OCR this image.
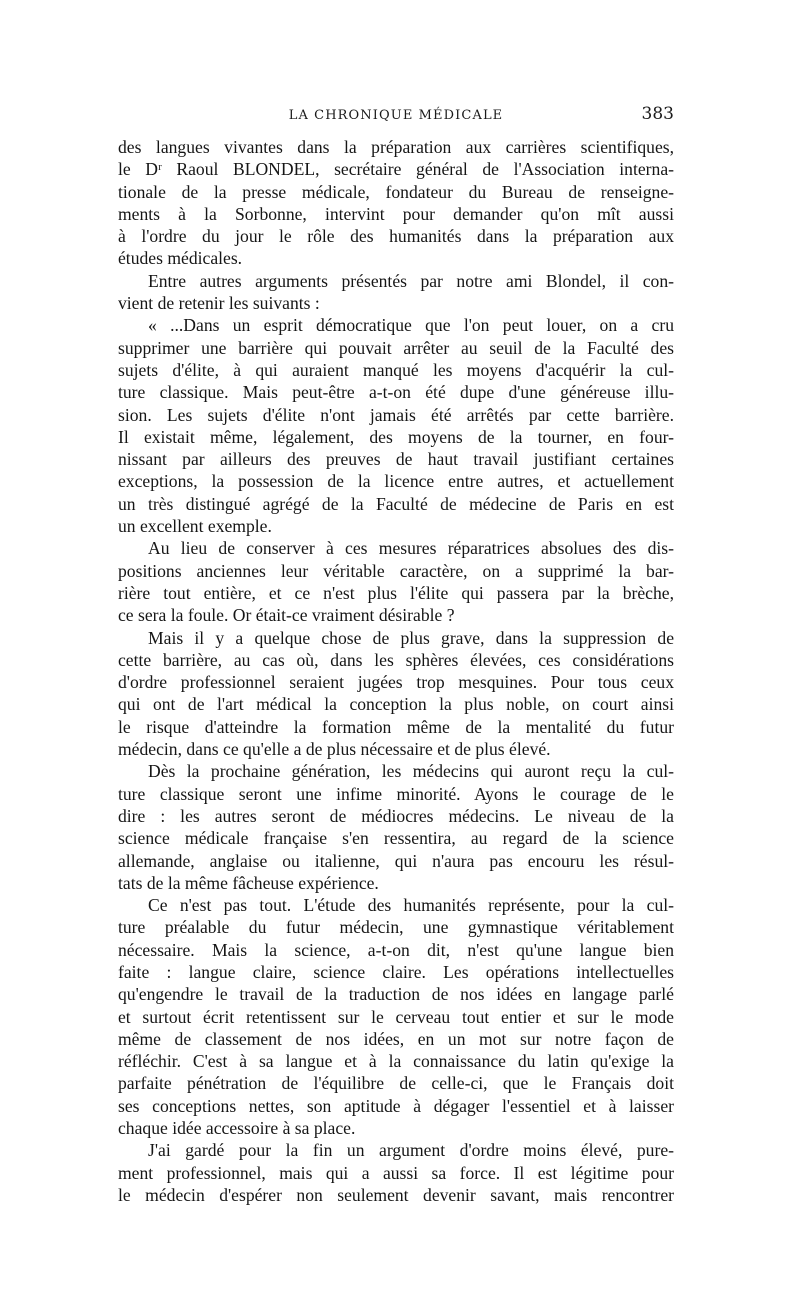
LA CHRONIQUE MÉDICALE	383
des langues vivantes dans la préparation aux carrières scientifiques,
le Dʳ Raoul BLONDEL, secrétaire général de l'Association interna-
tionale de la presse médicale, fondateur du Bureau de renseigne-
ments à la Sorbonne, intervint pour demander qu'on mît aussi
à l'ordre du jour le rôle des humanités dans la préparation aux
études médicales.
Entre autres arguments présentés par notre ami Blondel, il con-
vient de retenir les suivants :
« ...Dans un esprit démocratique que l'on peut louer, on a cru
supprimer une barrière qui pouvait arrêter au seuil de la Faculté des
sujets d'élite, à qui auraient manqué les moyens d'acquérir la cul-
ture classique. Mais peut-être a-t-on été dupe d'une généreuse illu-
sion. Les sujets d'élite n'ont jamais été arrêtés par cette barrière.
Il existait même, légalement, des moyens de la tourner, en four-
nissant par ailleurs des preuves de haut travail justifiant certaines
exceptions, la possession de la licence entre autres, et actuellement
un très distingué agrégé de la Faculté de médecine de Paris en est
un excellent exemple.
Au lieu de conserver à ces mesures réparatrices absolues des dis-
positions anciennes leur véritable caractère, on a supprimé la bar-
rière tout entière, et ce n'est plus l'élite qui passera par la brèche,
ce sera la foule. Or était-ce vraiment désirable ?
Mais il y a quelque chose de plus grave, dans la suppression de
cette barrière, au cas où, dans les sphères élevées, ces considérations
d'ordre professionnel seraient jugées trop mesquines. Pour tous ceux
qui ont de l'art médical la conception la plus noble, on court ainsi
le risque d'atteindre la formation même de la mentalité du futur
médecin, dans ce qu'elle a de plus nécessaire et de plus élevé.
Dès la prochaine génération, les médecins qui auront reçu la cul-
ture classique seront une infime minorité. Ayons le courage de le
dire : les autres seront de médiocres médecins. Le niveau de la
science médicale française s'en ressentira, au regard de la science
allemande, anglaise ou italienne, qui n'aura pas encouru les résul-
tats de la même fâcheuse expérience.
Ce n'est pas tout. L'étude des humanités représente, pour la cul-
ture préalable du futur médecin, une gymnastique véritablement
nécessaire. Mais la science, a-t-on dit, n'est qu'une langue bien
faite : langue claire, science claire. Les opérations intellectuelles
qu'engendre le travail de la traduction de nos idées en langage parlé
et surtout écrit retentissent sur le cerveau tout entier et sur le mode
même de classement de nos idées, en un mot sur notre façon de
réfléchir. C'est à sa langue et à la connaissance du latin qu'exige la
parfaite pénétration de l'équilibre de celle-ci, que le Français doit
ses conceptions nettes, son aptitude à dégager l'essentiel et à laisser
chaque idée accessoire à sa place.
J'ai gardé pour la fin un argument d'ordre moins élevé, pure-
ment professionnel, mais qui a aussi sa force. Il est légitime pour
le médecin d'espérer non seulement devenir savant, mais rencontrer
